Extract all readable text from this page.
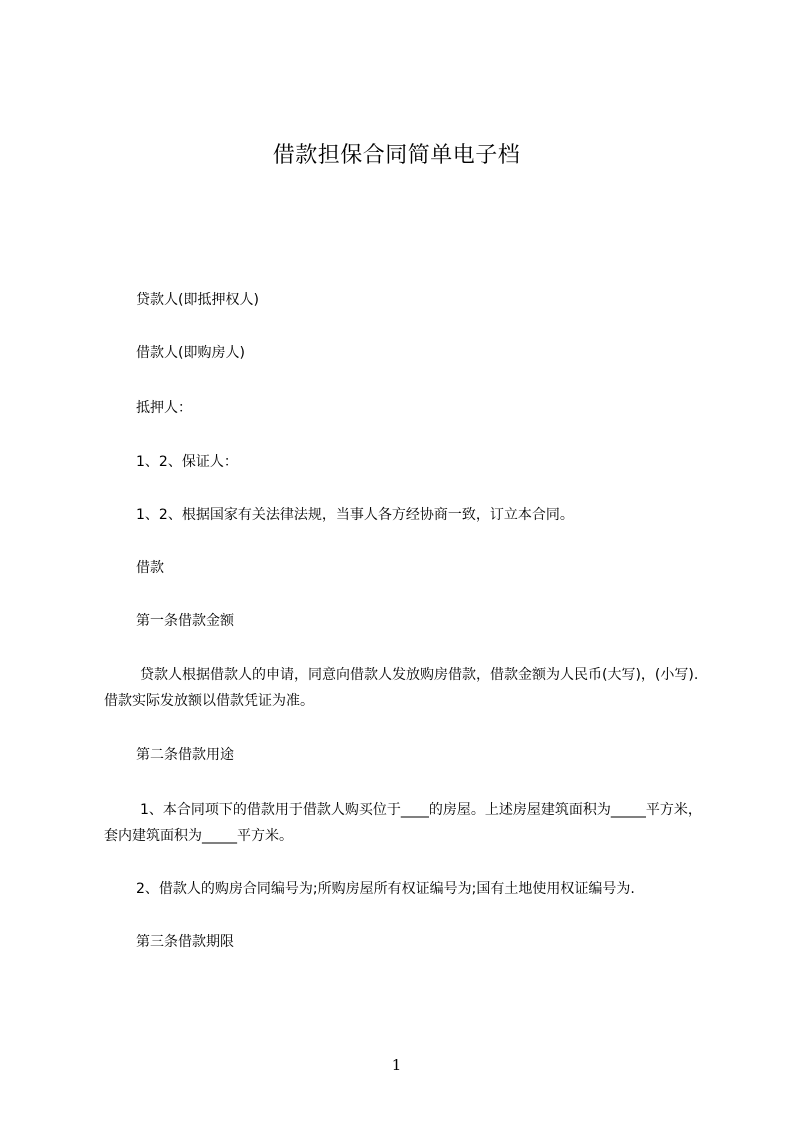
借款担保合同简单电子档
贷款人(即抵押权人)
借款人(即购房人)
抵押人：
1、2、保证人：
1、2、根据国家有关法律法规，当事人各方经协商一致，订立本合同。
借款
第一条借款金额
贷款人根据借款人的申请，同意向借款人发放购房借款，借款金额为人民币(大写)，(小写).借款实际发放额以借款凭证为准。
第二条借款用途
1、本合同项下的借款用于借款人购买位于____的房屋。上述房屋建筑面积为_____平方米，套内建筑面积为_____平方米。
2、借款人的购房合同编号为;所购房屋所有权证编号为;国有土地使用权证编号为.
第三条借款期限
1
